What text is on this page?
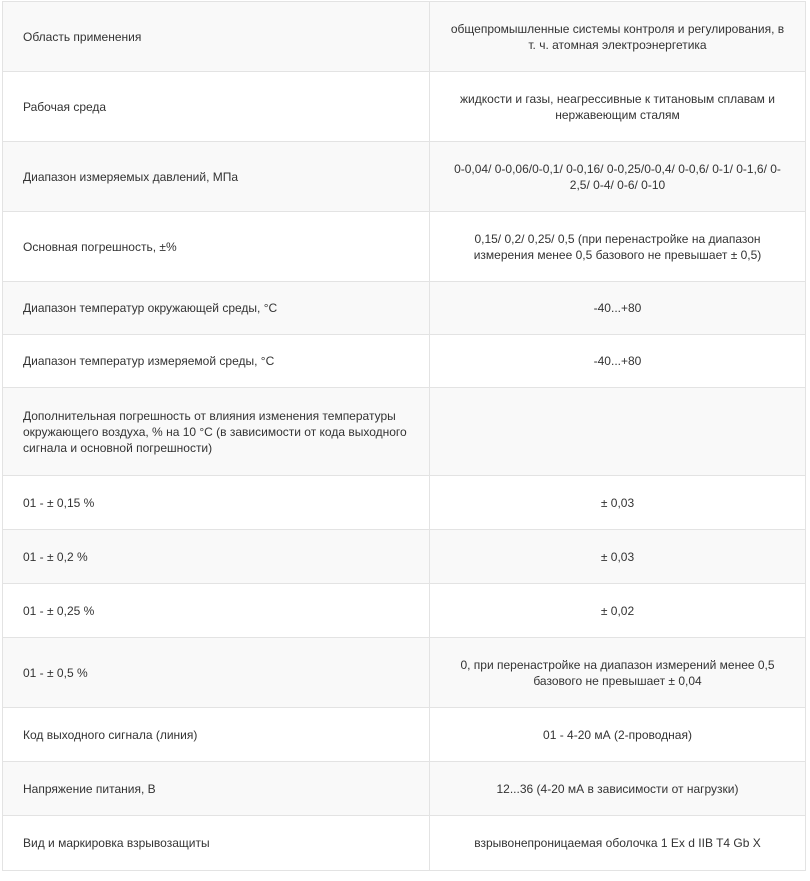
Область применения	общепромышленные системы контроля и регулирования, в т. ч. атомная электроэнергетика
Рабочая среда	жидкости и газы, неагрессивные к титановым сплавам и нержавеющим сталям
Диапазон измеряемых давлений, МПа	0-0,04/ 0-0,06/0-0,1/ 0-0,16/ 0-0,25/0-0,4/ 0-0,6/ 0-1/ 0-1,6/ 0-2,5/ 0-4/ 0-6/ 0-10
Основная погрешность, ±%	0,15/ 0,2/ 0,25/ 0,5 (при перенастройке на диапазон измерения менее 0,5 базового не превышает ± 0,5)
Диапазон температур окружающей среды, °С	-40...+80
Диапазон температур измеряемой среды, °С	-40...+80
Дополнительная погрешность от влияния изменения температуры окружающего воздуха, % на 10 °С (в зависимости от кода выходного сигнала и основной погрешности)	
01 - ± 0,15 %	± 0,03
01 - ± 0,2 %	± 0,03
01 - ± 0,25 %	± 0,02
01 - ± 0,5 %	0, при перенастройке на диапазон измерений менее 0,5 базового не превышает ± 0,04
Код выходного сигнала (линия)	01 - 4-20 мА (2-проводная)
Напряжение питания, В	12...36 (4-20 мА в зависимости от нагрузки)
Вид и маркировка взрывозащиты	взрывонепроницаемая оболочка 1 Ex d IIB T4 Gb X
